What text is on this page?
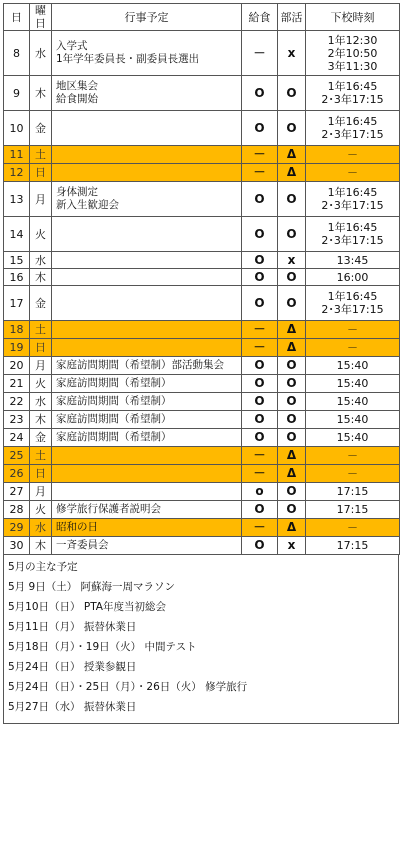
日	曜日	行事予定	給食	部活	下校時刻
8	水	入学式
1年学年委員長・副委員長選出	－	x	1年12:30
2年10:50
3年11:30

9	木	地区集会
給食開始	O	O	1年16:45
2･3年17:15

10	金		O	O	1年16:45
2･3年17:15

11	土		－	Δ	－

12	日		－	Δ	－

13	月	身体測定
新入生歓迎会	O	O	1年16:45
2･3年17:15

14	火		O	O	1年16:45
2･3年17:15

15	水		O	x	13:45

16	木		O	O	16:00

17	金		O	O	1年16:45
2･3年17:15

18	土		－	Δ	－

19	日		－	Δ	－

20	月	家庭訪問期間（希望制）部活動集会	O	O	15:40

21	火	家庭訪問期間（希望制）	O	O	15:40

22	水	家庭訪問期間（希望制）	O	O	15:40

23	木	家庭訪問期間（希望制）	O	O	15:40

24	金	家庭訪問期間（希望制）	O	O	15:40

25	土		－	Δ	－

26	日		－	Δ	－

27	月		o	O	17:15

28	火	修学旅行保護者説明会	O	O	17:15

29	水	昭和の日	－	Δ	－

30	木	一斉委員会	O	x	17:15
5月の主な予定
5月 9日（土） 阿蘇海一周マラソン
5月10日（日） PTA年度当初総会
5月11日（月） 振替休業日
5月18日（月）・19日（火） 中間テスト
5月24日（日） 授業参観日
5月24日（日）・25日（月）・26日（火） 修学旅行
5月27日（水） 振替休業日
